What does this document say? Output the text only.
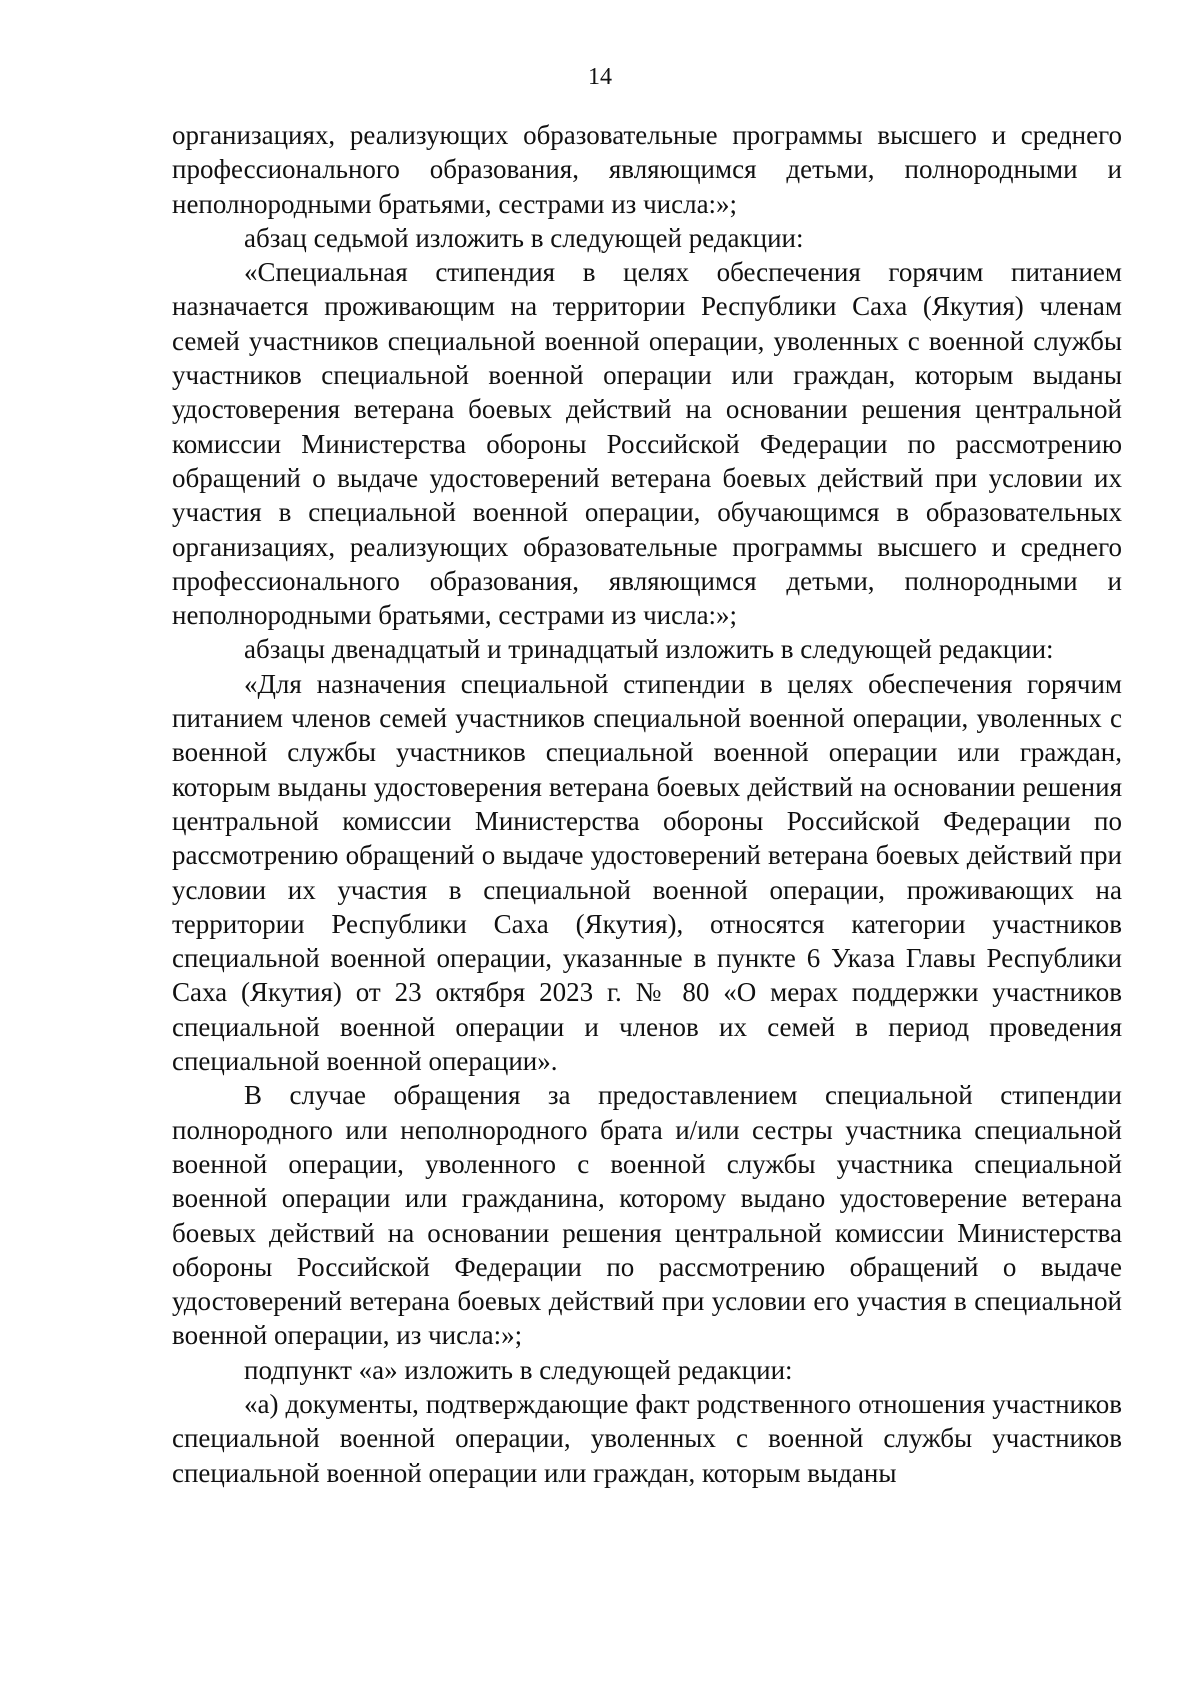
14

организациях, реализующих образовательные программы высшего и среднего профессионального образования, являющимся детьми, полнородными и неполнородными братьями, сестрами из числа:»;

абзац седьмой изложить в следующей редакции:

«Специальная стипендия в целях обеспечения горячим питанием назначается проживающим на территории Республики Саха (Якутия) членам семей участников специальной военной операции, уволенных с военной службы участников специальной военной операции или граждан, которым выданы удостоверения ветерана боевых действий на основании решения центральной комиссии Министерства обороны Российской Федерации по рассмотрению обращений о выдаче удостоверений ветерана боевых действий при условии их участия в специальной военной операции, обучающимся в образовательных организациях, реализующих образовательные программы высшего и среднего профессионального образования, являющимся детьми, полнородными и неполнородными братьями, сестрами из числа:»;

абзацы двенадцатый и тринадцатый изложить в следующей редакции:

«Для назначения специальной стипендии в целях обеспечения горячим питанием членов семей участников специальной военной операции, уволенных с военной службы участников специальной военной операции или граждан, которым выданы удостоверения ветерана боевых действий на основании решения центральной комиссии Министерства обороны Российской Федерации по рассмотрению обращений о выдаче удостоверений ветерана боевых действий при условии их участия в специальной военной операции, проживающих на территории Республики Саха (Якутия), относятся категории участников специальной военной операции, указанные в пункте 6 Указа Главы Республики Саха (Якутия) от 23 октября 2023 г. № 80 «О мерах поддержки участников специальной военной операции и членов их семей в период проведения специальной военной операции».

В случае обращения за предоставлением специальной стипендии полнородного или неполнородного брата и/или сестры участника специальной военной операции, уволенного с военной службы участника специальной военной операции или гражданина, которому выдано удостоверение ветерана боевых действий на основании решения центральной комиссии Министерства обороны Российской Федерации по рассмотрению обращений о выдаче удостоверений ветерана боевых действий при условии его участия в специальной военной операции, из числа:»;

подпункт «а» изложить в следующей редакции:

«а) документы, подтверждающие факт родственного отношения участников специальной военной операции, уволенных с военной службы участников специальной военной операции или граждан, которым выданы
